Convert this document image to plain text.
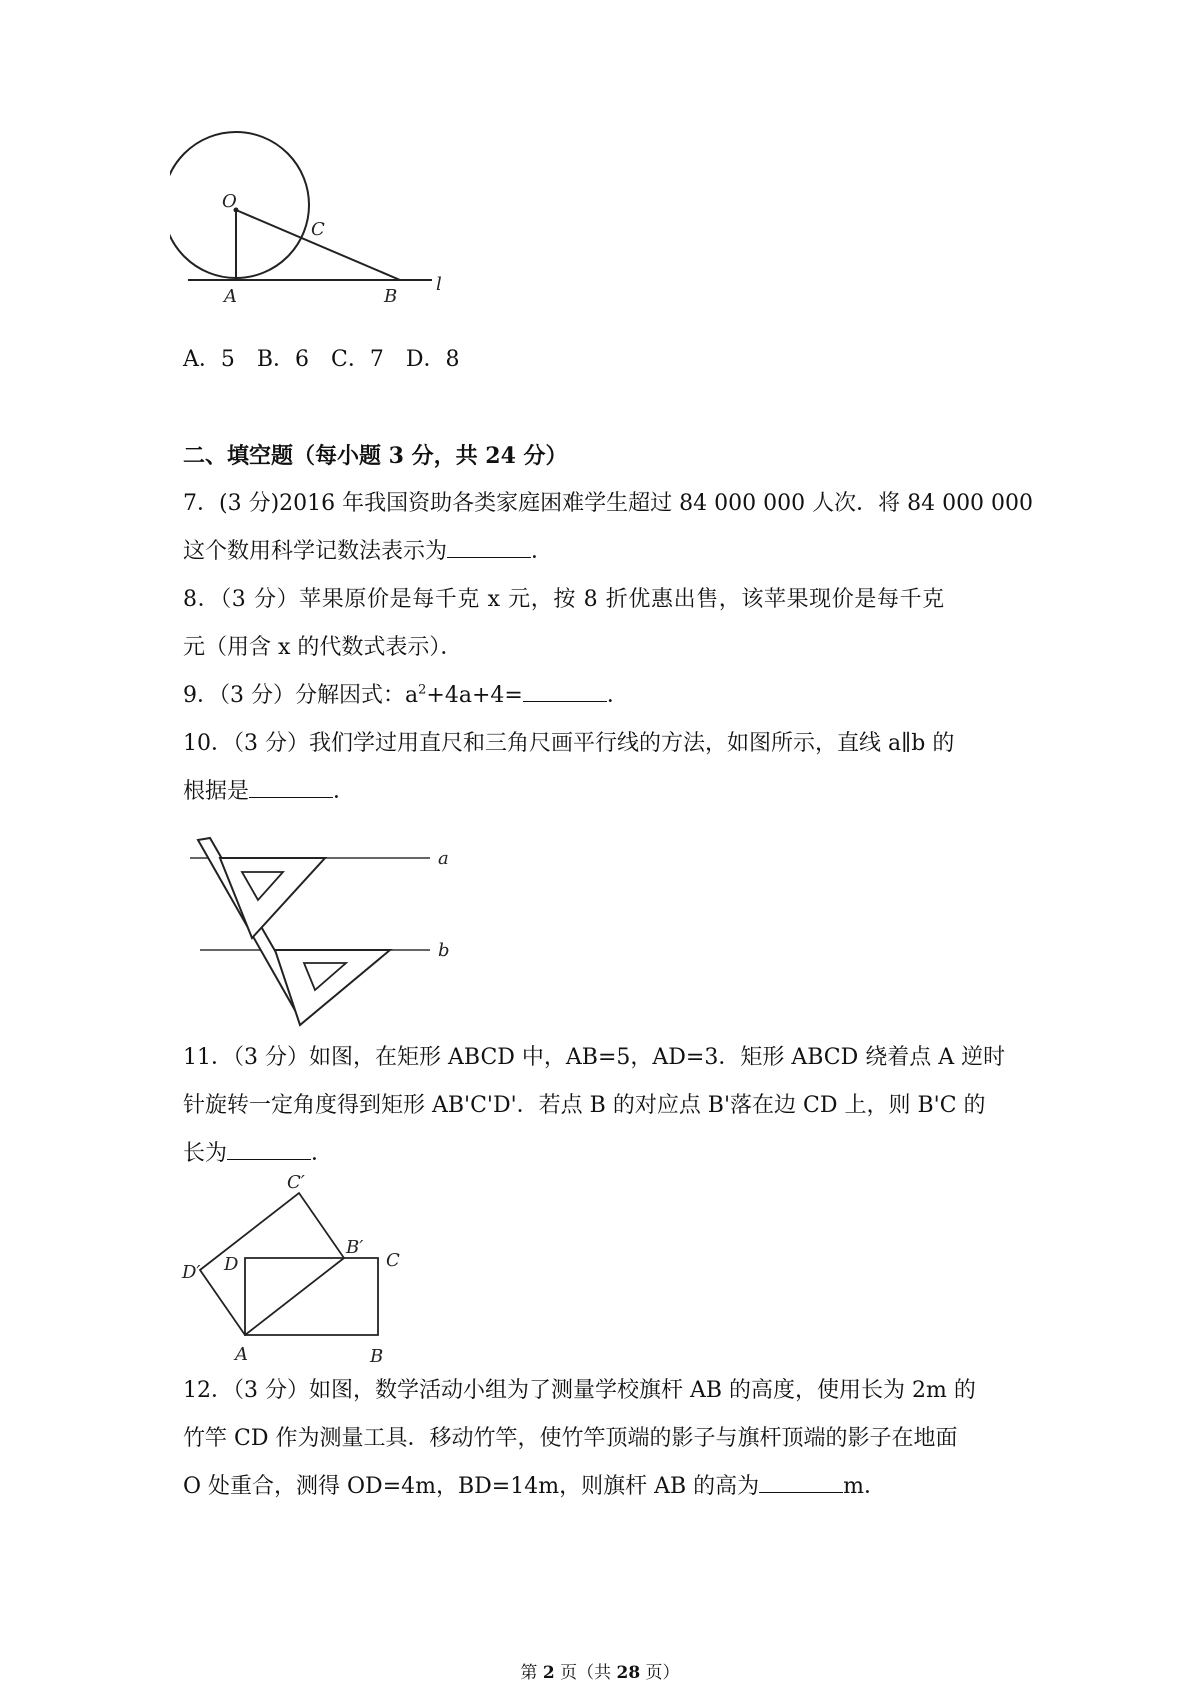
O
C
A	B
l
A．5　B．6　C．7　D．8
二、填空题（每小题 3 分，共 24 分）
7．(3 分)2016 年我国资助各类家庭困难学生超过 84 000 000 人次．将 84 000 000
这个数用科学记数法表示为	．
8．（3 分）苹果原价是每千克 x 元，按 8 折优惠出售，该苹果现价是每千克
元（用含 x 的代数式表示）．
9．（3 分）分解因式：$a^2+4a+4=$	．
10．（3 分）我们学过用直尺和三角尺画平行线的方法，如图所示，直线 a∥b 的
根据是	．
a
b
11．（3 分）如图，在矩形 ABCD 中，AB=5，AD=3．矩形 ABCD 绕着点 A 逆时
针旋转一定角度得到矩形 AB'C'D'．若点 B 的对应点 B'落在边 CD 上，则 B'C 的
长为	．
C′
B′
C
D′ D
A	B
12．（3 分）如图，数学活动小组为了测量学校旗杆 AB 的高度，使用长为 2m 的
竹竿 CD 作为测量工具．移动竹竿，使竹竿顶端的影子与旗杆顶端的影子在地面
O 处重合，测得 OD=4m，BD=14m，则旗杆 AB 的高为	m．
第 2 页（共 28 页）
